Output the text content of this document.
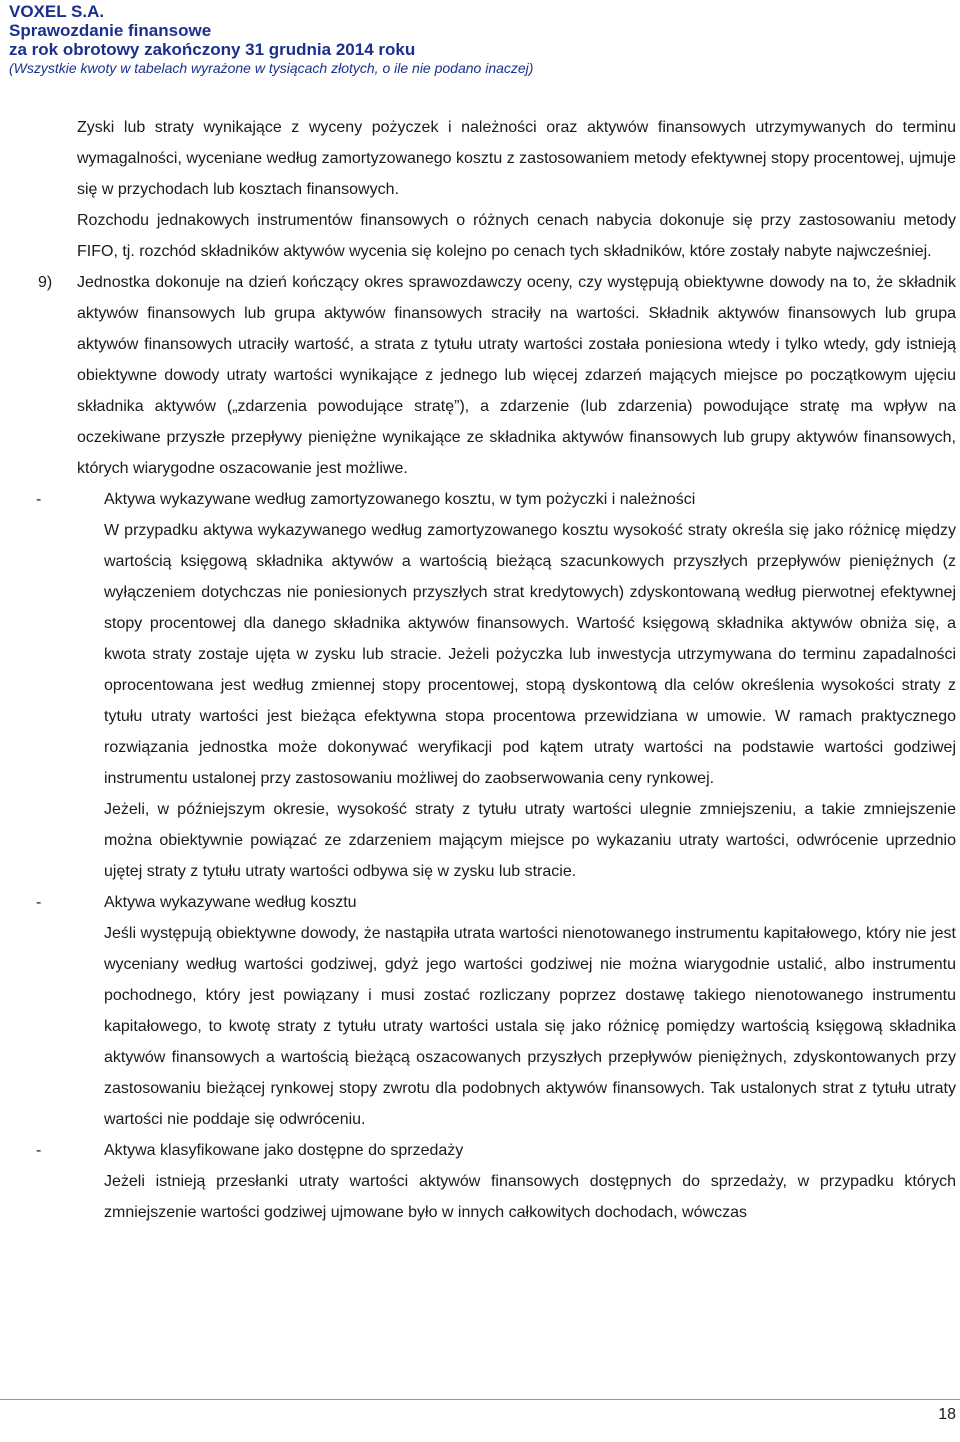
VOXEL S.A.
Sprawozdanie finansowe
za rok obrotowy zakończony 31 grudnia 2014 roku
(Wszystkie kwoty w tabelach wyrażone w tysiącach złotych, o ile nie podano inaczej)
Zyski lub straty wynikające z wyceny pożyczek i należności oraz aktywów finansowych utrzymywanych do terminu wymagalności, wyceniane według zamortyzowanego kosztu z zastosowaniem metody efektywnej stopy procentowej, ujmuje się w przychodach lub kosztach finansowych.
Rozchodu jednakowych instrumentów finansowych o różnych cenach nabycia dokonuje się przy zastosowaniu metody FIFO, tj. rozchód składników aktywów wycenia się kolejno po cenach tych składników, które zostały nabyte najwcześniej.
9) Jednostka dokonuje na dzień kończący okres sprawozdawczy oceny, czy występują obiektywne dowody na to, że składnik aktywów finansowych lub grupa aktywów finansowych straciły na wartości. Składnik aktywów finansowych lub grupa aktywów finansowych utraciły wartość, a strata z tytułu utraty wartości została poniesiona wtedy i tylko wtedy, gdy istnieją obiektywne dowody utraty wartości wynikające z jednego lub więcej zdarzeń mających miejsce po początkowym ujęciu składnika aktywów („zdarzenia powodujące stratę”), a zdarzenie (lub zdarzenia) powodujące stratę ma wpływ na oczekiwane przyszłe przepływy pieniężne wynikające ze składnika aktywów finansowych lub grupy aktywów finansowych, których wiarygodne oszacowanie jest możliwe.
-	Aktywa wykazywane według zamortyzowanego kosztu, w tym pożyczki i należności
W przypadku aktywa wykazywanego według zamortyzowanego kosztu wysokość straty określa się jako różnicę między wartością księgową składnika aktywów a wartością bieżącą szacunkowych przyszłych przepływów pieniężnych (z wyłączeniem dotychczas nie poniesionych przyszłych strat kredytowych) zdyskontowaną według pierwotnej efektywnej stopy procentowej dla danego składnika aktywów finansowych. Wartość księgową składnika aktywów obniża się, a kwota straty zostaje ujęta w zysku lub stracie. Jeżeli pożyczka lub inwestycja utrzymywana do terminu zapadalności oprocentowana jest według zmiennej stopy procentowej, stopą dyskontową dla celów określenia wysokości straty z tytułu utraty wartości jest bieżąca efektywna stopa procentowa przewidziana w umowie. W ramach praktycznego rozwiązania jednostka może dokonywać weryfikacji pod kątem utraty wartości na podstawie wartości godziwej instrumentu ustalonej przy zastosowaniu możliwej do zaobserwowania ceny rynkowej.
Jeżeli, w późniejszym okresie, wysokość straty z tytułu utraty wartości ulegnie zmniejszeniu, a takie zmniejszenie można obiektywnie powiązać ze zdarzeniem mającym miejsce po wykazaniu utraty wartości, odwrócenie uprzednio ujętej straty z tytułu utraty wartości odbywa się w zysku lub stracie.
-	Aktywa wykazywane według kosztu
Jeśli występują obiektywne dowody, że nastąpiła utrata wartości nienotowanego instrumentu kapitałowego, który nie jest wyceniany według wartości godziwej, gdyż jego wartości godziwej nie można wiarygodnie ustalić, albo instrumentu pochodnego, który jest powiązany i musi zostać rozliczany poprzez dostawę takiego nienotowanego instrumentu kapitałowego, to kwotę straty z tytułu utraty wartości ustala się jako różnicę pomiędzy wartością księgową składnika aktywów finansowych a wartością bieżącą oszacowanych przyszłych przepływów pieniężnych, zdyskontowanych przy zastosowaniu bieżącej rynkowej stopy zwrotu dla podobnych aktywów finansowych. Tak ustalonych strat z tytułu utraty wartości nie poddaje się odwróceniu.
-	Aktywa klasyfikowane jako dostępne do sprzedaży
Jeżeli istnieją przesłanki utraty wartości aktywów finansowych dostępnych do sprzedaży, w przypadku których zmniejszenie wartości godziwej ujmowane było w innych całkowitych dochodach, wówczas
18
